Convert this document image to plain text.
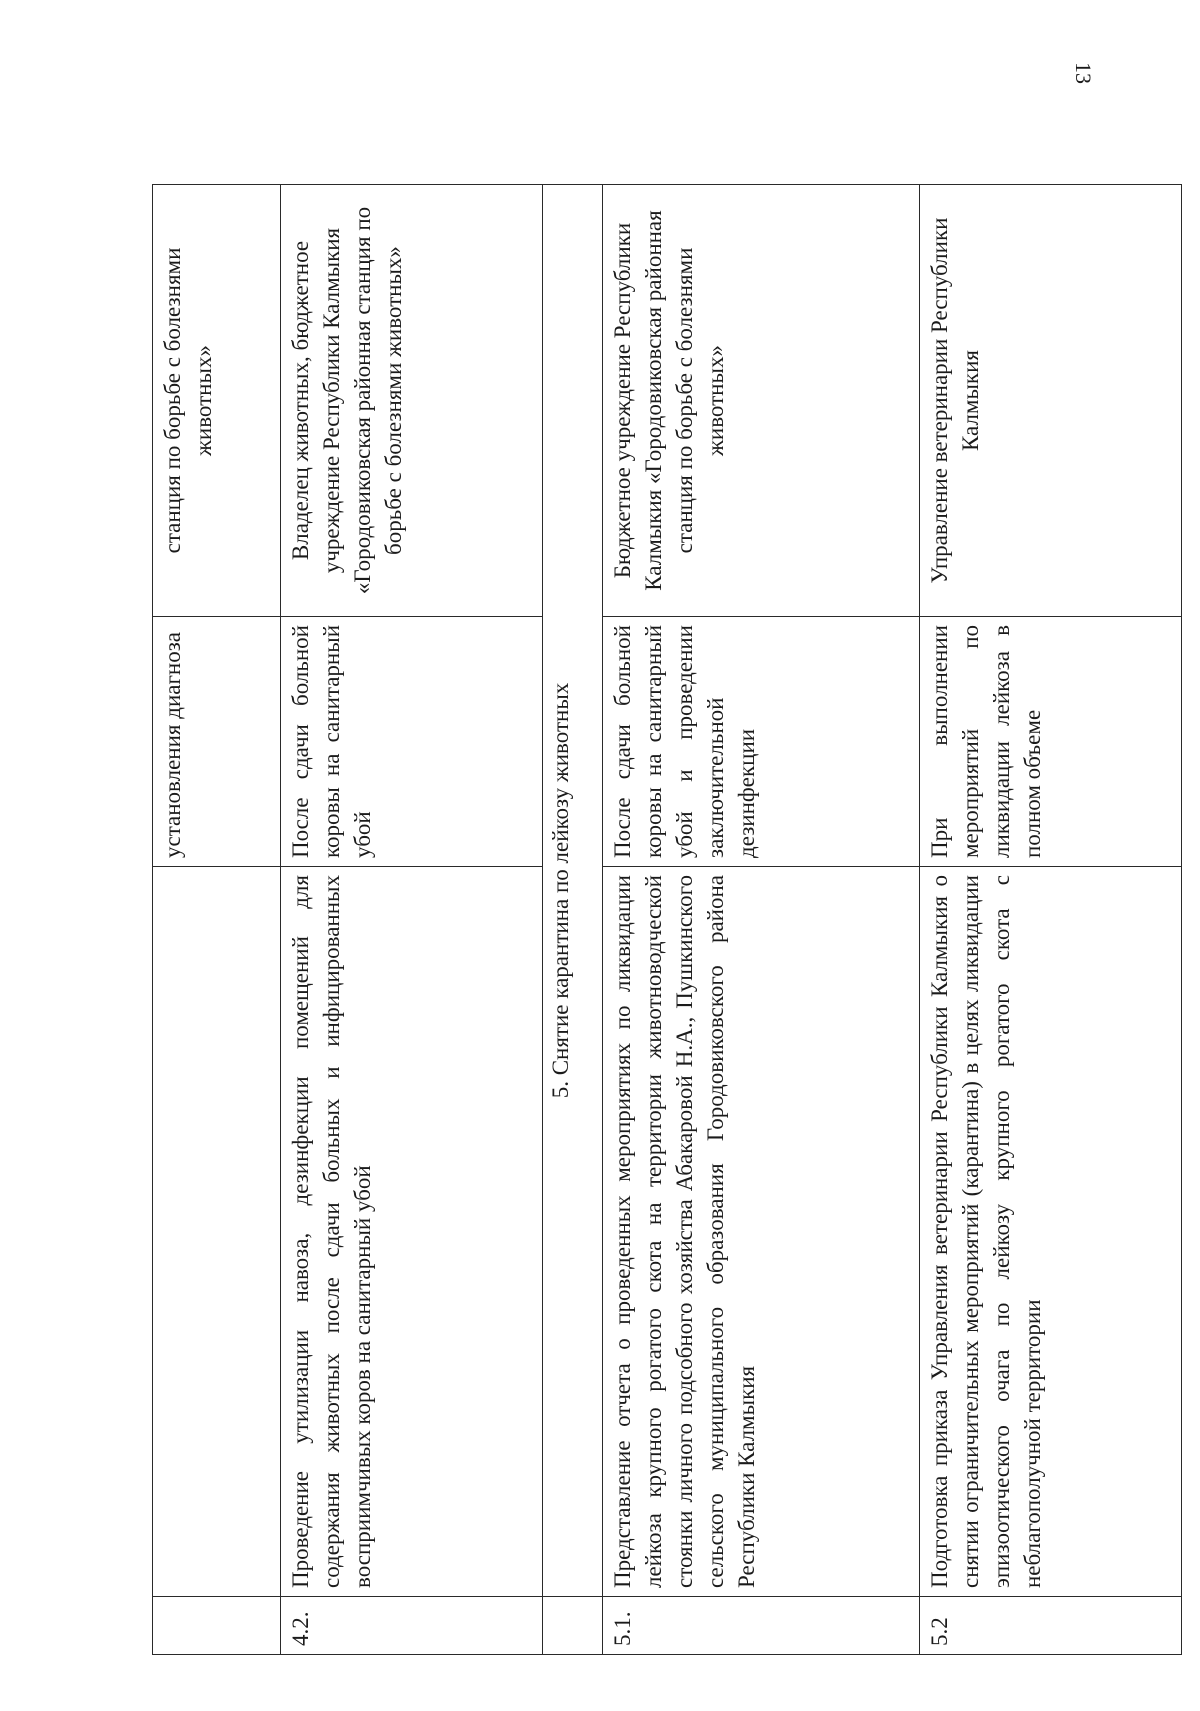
13
		установления диагноза	станция по борьбе с болезнями животных»
4.2.	Проведение утилизации навоза, дезинфекции помещений для содержания животных после сдачи больных и инфицированных восприимчивых коров на санитарный убой	После сдачи больной коровы на санитарный убой	Владелец животных, бюджетное учреждение Республики Калмыкия «Городовиковская районная станция по борьбе с болезнями животных»
	5. Снятие карантина по лейкозу животных		
5.1.	Представление отчета о проведенных мероприятиях по ликвидации лейкоза крупного рогатого скота на территории животноводческой стоянки личного подсобного хозяйства Абакаровой Н.А., Пушкинского сельского муниципального образования Городовиковского района Республики Калмыкия	После сдачи больной коровы на санитарный убой и проведении заключительной дезинфекции	Бюджетное учреждение Республики Калмыкия «Городовиковская районная станция по борьбе с болезнями животных»
5.2	Подготовка приказа Управления ветеринарии Республики Калмыкия о снятии ограничительных мероприятий (карантина) в целях ликвидации эпизоотического очага по лейкозу крупного рогатого скота с неблагополучной территории	При выполнении мероприятий по ликвидации лейкоза в полном объеме	Управление ветеринарии Республики Калмыкия
